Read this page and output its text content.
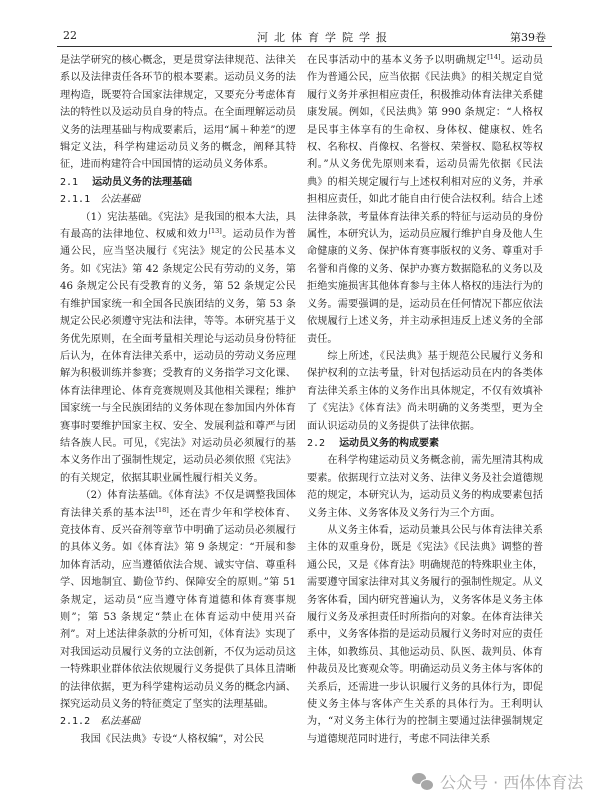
22	河北体育学院学报	第39卷

是法学研究的核心概念，更是贯穿法律规范、法律关系以及法律责任各环节的根本要素。运动员义务的法理构造，既要符合国家法律规定，又要充分考虑体育法的特性以及运动员自身的特点。在全面理解运动员义务的法理基础与构成要素后，运用“属＋种差”的逻辑定义法，科学构建运动员义务的概念，阐释其特征，进而构建符合中国国情的运动员义务体系。

2.1 运动员义务的法理基础
2.1.1 公法基础

（1）宪法基础。《宪法》是我国的根本大法，具有最高的法律地位、权威和效力[13]。运动员作为普通公民，应当坚决履行《宪法》规定的公民基本义务。如《宪法》第 42 条规定公民有劳动的义务，第 46 条规定公民有受教育的义务，第 52 条规定公民有维护国家统一和全国各民族团结的义务，第 53 条规定公民必须遵守宪法和法律，等等。本研究基于义务优先原则，在全面考量相关理论与运动员身份特征后认为，在体育法律关系中，运动员的劳动义务应理解为积极训练并参赛；受教育的义务指学习文化课、体育法律理论、体育竞赛规则及其他相关课程；维护国家统一与全民族团结的义务体现在参加国内外体育赛事时要维护国家主权、安全、发展利益和尊严与团结各族人民。可见，《宪法》对运动员必须履行的基本义务作出了强制性规定，运动员必须依照《宪法》的有关规定，依据其职业属性履行相关义务。

（2）体育法基础。《体育法》不仅是调整我国体育法律关系的基本法[18]，还在青少年和学校体育、竞技体育、反兴奋剂等章节中明确了运动员必须履行的具体义务。如《体育法》第 9 条规定：“开展和参加体育活动，应当遵循依法合规、诚实守信、尊重科学、因地制宜、勤俭节约、保障安全的原则。”第 51 条规定，运动员“应当遵守体育道德和体育赛事规则”；第 53 条规定“禁止在体育运动中使用兴奋剂”。对上述法律条款的分析可知，《体育法》实现了对我国运动员履行义务的立法创新，不仅为运动员这一特殊职业群体依法依规履行义务提供了具体且清晰的法律依据，更为科学建构运动员义务的概念内涵、探究运动员义务的特征奠定了坚实的法理基础。

2.1.2 私法基础

我国《民法典》专设“人格权编”，对公民

在民事活动中的基本义务予以明确规定[14]。运动员作为普通公民，应当依据《民法典》的相关规定自觉履行义务并承担相应责任，积极推动体育法律关系健康发展。例如，《民法典》第 990 条规定：“人格权是民事主体享有的生命权、身体权、健康权、姓名权、名称权、肖像权、名誉权、荣誉权、隐私权等权利。”从义务优先原则来看，运动员需先依据《民法典》的相关规定履行与上述权利相对应的义务，并承担相应责任，如此才能自由行使合法权利。结合上述法律条款，考量体育法律关系的特征与运动员的身份属性，本研究认为，运动员应履行维护自身及他人生命健康的义务、保护体育赛事版权的义务、尊重对手名誉和肖像的义务、保护办赛方数据隐私的义务以及拒绝实施损害其他体育参与主体人格权的违法行为的义务。需要强调的是，运动员在任何情况下都应依法依规履行上述义务，并主动承担违反上述义务的全部责任。

综上所述，《民法典》基于规范公民履行义务和保护权利的立法考量，针对包括运动员在内的各类体育法律关系主体的义务作出具体规定，不仅有效填补了《宪法》《体育法》尚未明确的义务类型，更为全面认识运动员的义务提供了法律依据。

2.2 运动员义务的构成要素

在科学构建运动员义务概念前，需先厘清其构成要素。依据现行立法对义务、法律义务及社会道德规范的规定，本研究认为，运动员义务的构成要素包括义务主体、义务客体及义务行为三个方面。

从义务主体看，运动员兼具公民与体育法律关系主体的双重身份，既是《宪法》《民法典》调整的普通公民，又是《体育法》明确规范的特殊职业主体，需要遵守国家法律对其义务履行的强制性规定。从义务客体看，国内研究普遍认为，义务客体是义务主体履行义务及承担责任时所指向的对象。在体育法律关系中，义务客体指的是运动员履行义务时对应的责任主体，如教练员、其他运动员、队医、裁判员、体育仲裁员及比赛观众等。明确运动员义务主体与客体的关系后，还需进一步认识履行义务的具体行为，即促使义务主体与客体产生关系的具体行为。王利明认为，“对义务主体行为的控制主要通过法律强制规定与道德规范同时进行，考虑不同法律关系

公众号 · 西体体育法
